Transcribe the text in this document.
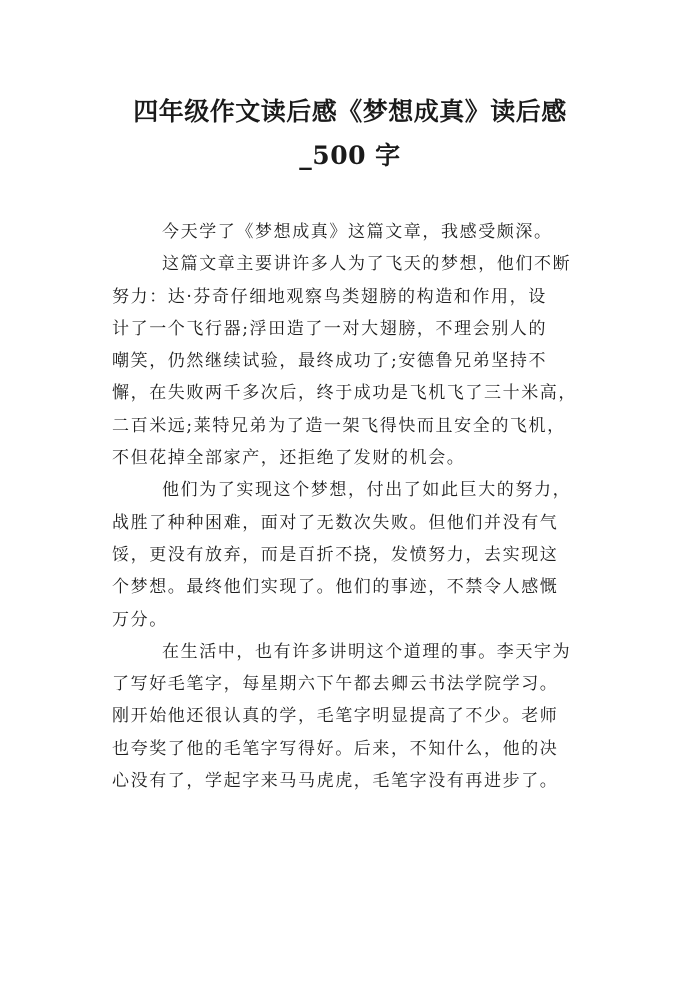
四年级作文读后感《梦想成真》读后感
_500 字

今天学了《梦想成真》这篇文章，我感受颇深。

这篇文章主要讲许多人为了飞天的梦想，他们不断
努力：达·芬奇仔细地观察鸟类翅膀的构造和作用，设
计了一个飞行器;浮田造了一对大翅膀，不理会别人的
嘲笑，仍然继续试验，最终成功了;安德鲁兄弟坚持不
懈，在失败两千多次后，终于成功是飞机飞了三十米高，
二百米远;莱特兄弟为了造一架飞得快而且安全的飞机，
不但花掉全部家产，还拒绝了发财的机会。

他们为了实现这个梦想，付出了如此巨大的努力，
战胜了种种困难，面对了无数次失败。但他们并没有气
馁，更没有放弃，而是百折不挠，发愤努力，去实现这
个梦想。最终他们实现了。他们的事迹，不禁令人感慨
万分。

在生活中，也有许多讲明这个道理的事。李天宇为
了写好毛笔字，每星期六下午都去卿云书法学院学习。
刚开始他还很认真的学，毛笔字明显提高了不少。老师
也夸奖了他的毛笔字写得好。后来，不知什么，他的决
心没有了，学起字来马马虎虎，毛笔字没有再进步了。
